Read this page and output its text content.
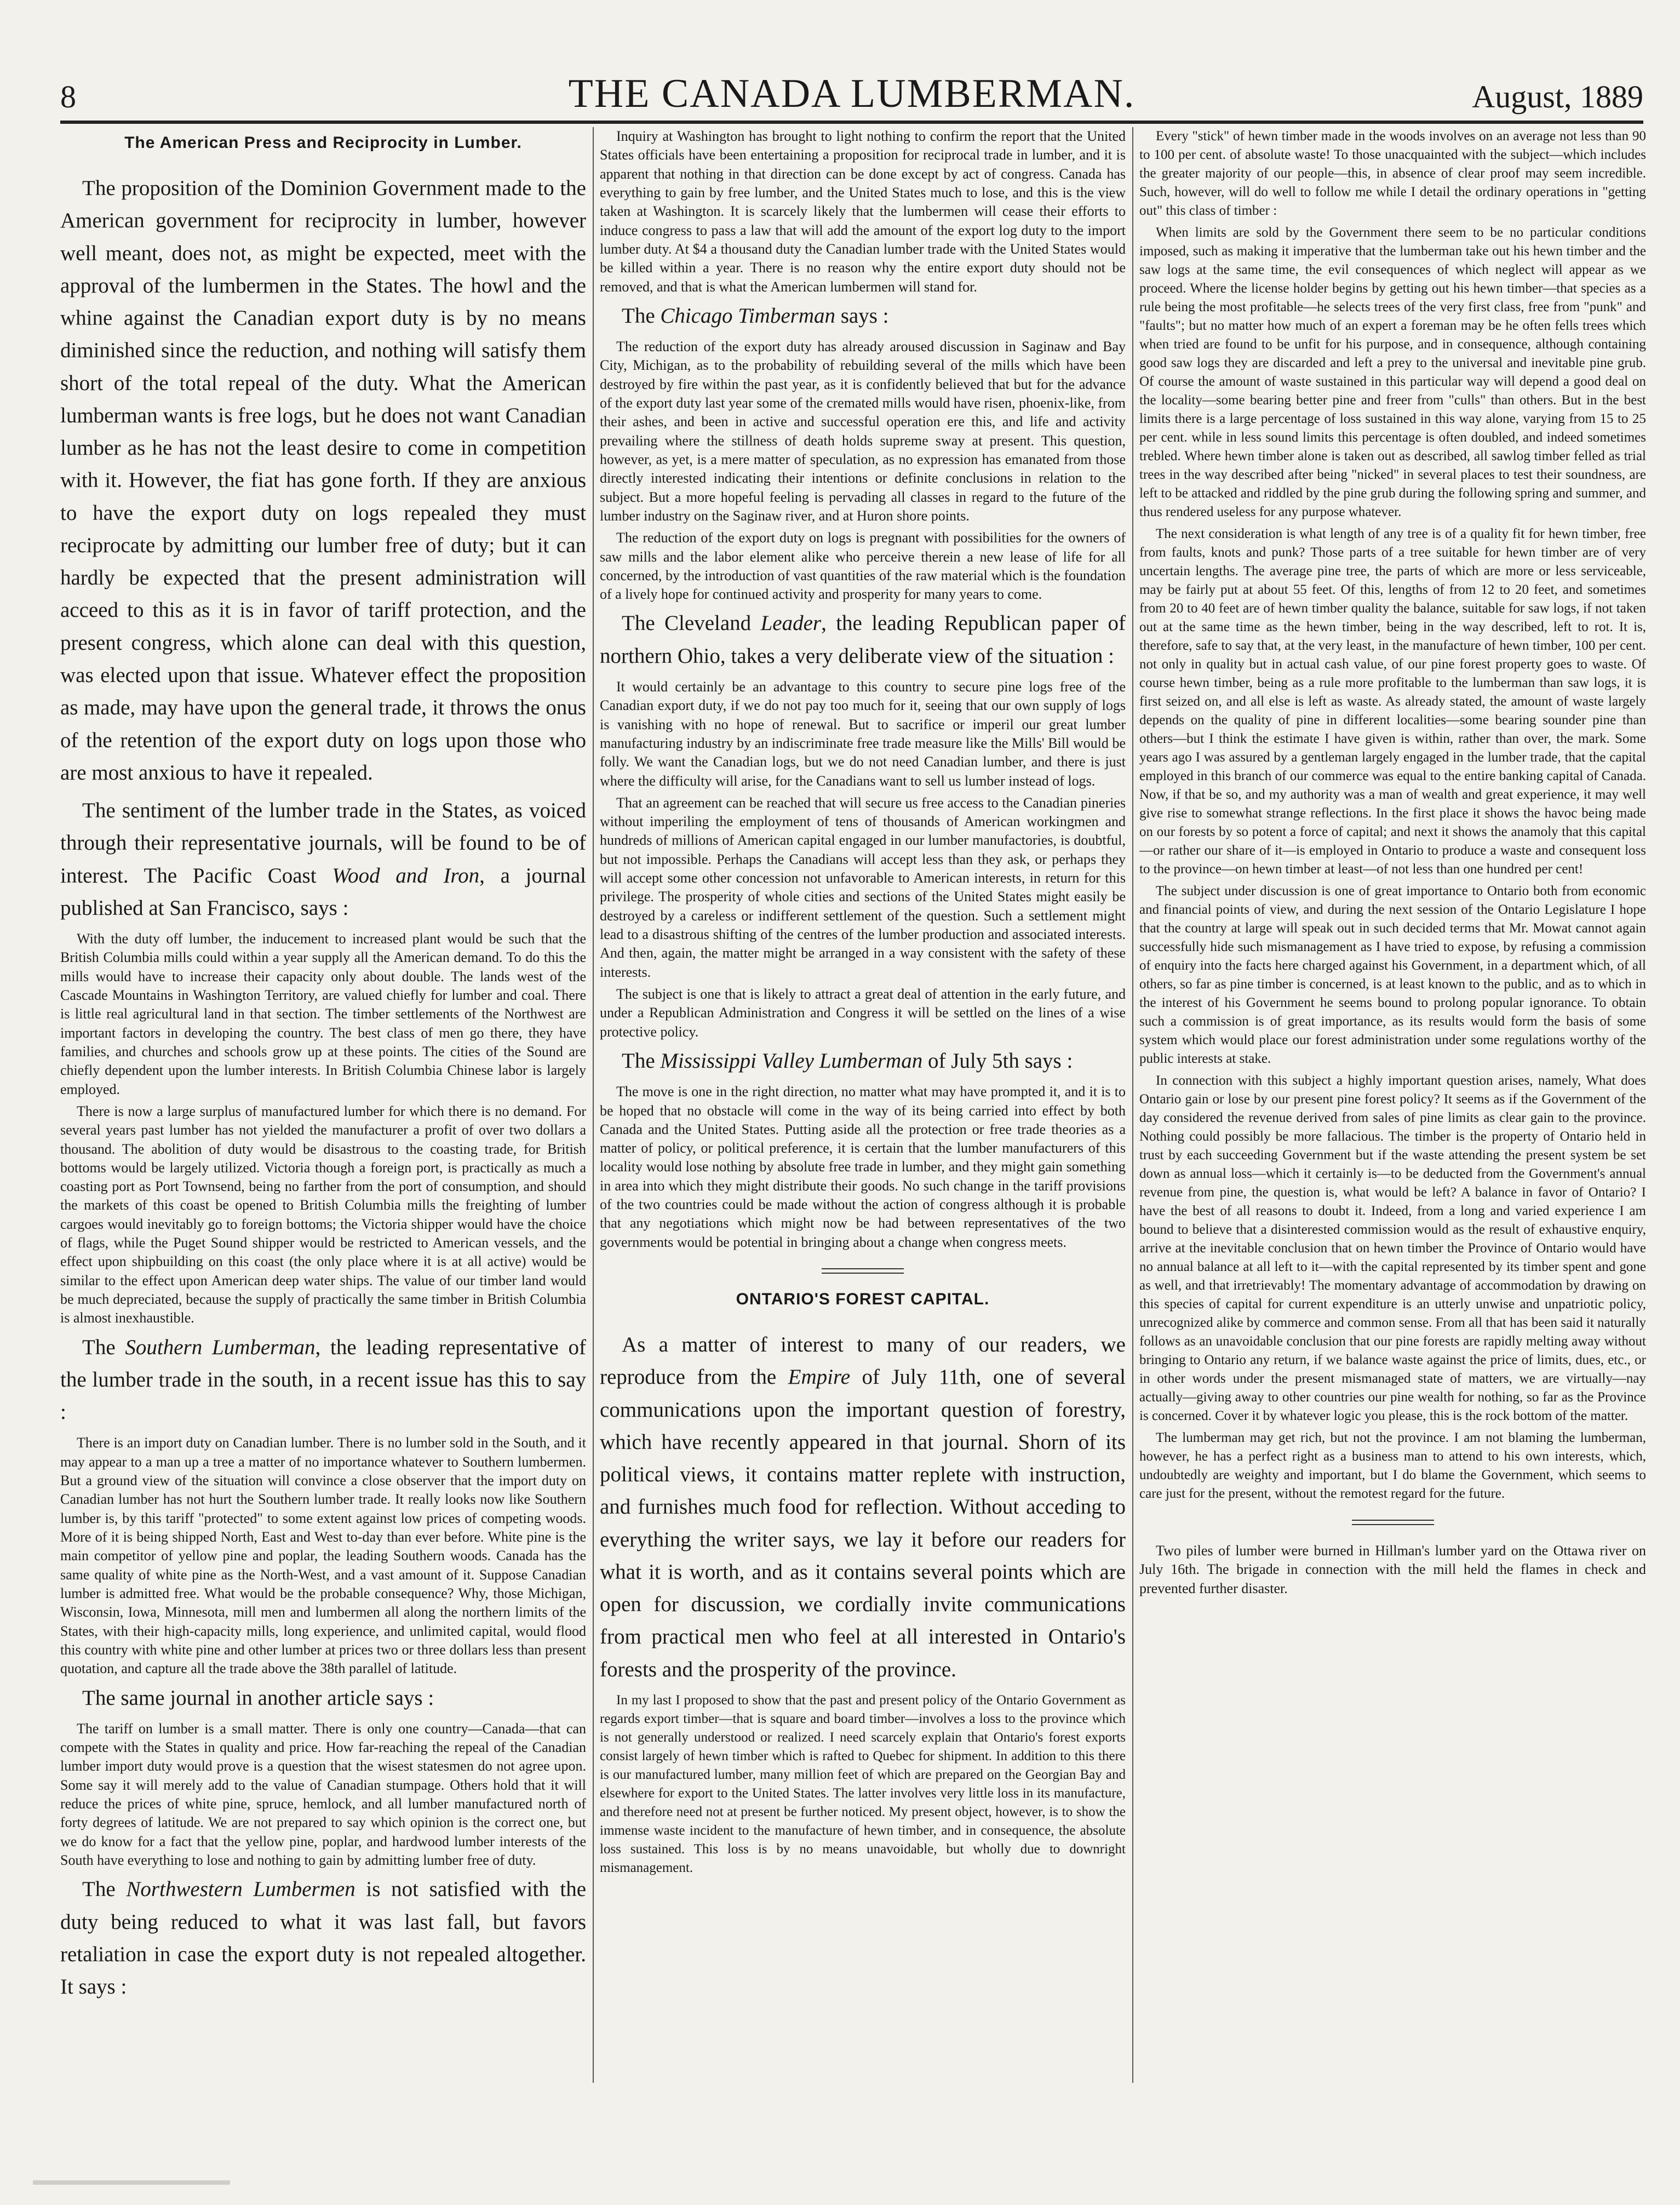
8	THE CANADA LUMBERMAN.	August, 1889
The American Press and Reciprocity in Lumber.

The proposition of the Dominion Government made to the American government for reciprocity in lumber, however well meant, does not, as might be expected, meet with the approval of the lumbermen in the States. The howl and the whine against the Canadian export duty is by no means diminished since the reduction, and nothing will satisfy them short of the total repeal of the duty. What the American lumberman wants is free logs, but he does not want Canadian lumber as he has not the least desire to come in competition with it. However, the fiat has gone forth. If they are anxious to have the export duty on logs repealed they must reciprocate by admitting our lumber free of duty; but it can hardly be expected that the present administration will acceed to this as it is in favor of tariff protection, and the present congress, which alone can deal with this question, was elected upon that issue. Whatever effect the proposition as made, may have upon the general trade, it throws the onus of the retention of the export duty on logs upon those who are most anxious to have it repealed.

The sentiment of the lumber trade in the States, as voiced through their representative journals, will be found to be of interest. The Pacific Coast Wood and Iron, a journal published at San Francisco, says :

With the duty off lumber, the inducement to increased plant would be such that the British Columbia mills could within a year supply all the American demand. To do this the mills would have to increase their capacity only about double. The lands west of the Cascade Mountains in Washington Territory, are valued chiefly for lumber and coal. There is little real agricultural land in that section. The timber settlements of the Northwest are important factors in developing the country. The best class of men go there, they have families, and churches and schools grow up at these points. The cities of the Sound are chiefly dependent upon the lumber interests. In British Columbia Chinese labor is largely employed.

There is now a large surplus of manufactured lumber for which there is no demand. For several years past lumber has not yielded the manufacturer a profit of over two dollars a thousand. The abolition of duty would be disastrous to the coasting trade, for British bottoms would be largely utilized. Victoria though a foreign port, is practically as much a coasting port as Port Townsend, being no farther from the port of consumption, and should the markets of this coast be opened to British Columbia mills the freighting of lumber cargoes would inevitably go to foreign bottoms; the Victoria shipper would have the choice of flags, while the Puget Sound shipper would be restricted to American vessels, and the effect upon shipbuilding on this coast (the only place where it is at all active) would be similar to the effect upon American deep water ships. The value of our timber land would be much depreciated, because the supply of practically the same timber in British Columbia is almost inexhaustible.

The Southern Lumberman, the leading representative of the lumber trade in the south, in a recent issue has this to say :

There is an import duty on Canadian lumber. There is no lumber sold in the South, and it may appear to a man up a tree a matter of no importance whatever to Southern lumbermen. But a ground view of the situation will convince a close observer that the import duty on Canadian lumber has not hurt the Southern lumber trade. It really looks now like Southern lumber is, by this tariff "protected" to some extent against low prices of competing woods. More of it is being shipped North, East and West to-day than ever before. White pine is the main competitor of yellow pine and poplar, the leading Southern woods. Canada has the same quality of white pine as the North-West, and a vast amount of it. Suppose Canadian lumber is admitted free. What would be the probable consequence? Why, those Michigan, Wisconsin, Iowa, Minnesota, mill men and lumbermen all along the northern limits of the States, with their high-capacity mills, long experience, and unlimited capital, would flood this country with white pine and other lumber at prices two or three dollars less than present quotation, and capture all the trade above the 38th parallel of latitude.

The same journal in another article says :

The tariff on lumber is a small matter. There is only one country—Canada—that can compete with the States in quality and price. How far-reaching the repeal of the Canadian lumber import duty would prove is a question that the wisest statesmen do not agree upon. Some say it will merely add to the value of Canadian stumpage. Others hold that it will reduce the prices of white pine, spruce, hemlock, and all lumber manufactured north of forty degrees of latitude. We are not prepared to say which opinion is the correct one, but we do know for a fact that the yellow pine, poplar, and hardwood lumber interests of the South have everything to lose and nothing to gain by admitting lumber free of duty.

The Northwestern Lumbermen is not satisfied with the duty being reduced to what it was last fall, but favors retaliation in case the export duty is not repealed altogether. It says :

Inquiry at Washington has brought to light nothing to confirm the report that the United States officials have been entertaining a proposition for reciprocal trade in lumber, and it is apparent that nothing in that direction can be done except by act of congress. Canada has everything to gain by free lumber, and the United States much to lose, and this is the view taken at Washington. It is scarcely likely that the lumbermen will cease their efforts to induce congress to pass a law that will add the amount of the export log duty to the import lumber duty. At $4 a thousand duty the Canadian lumber trade with the United States would be killed within a year. There is no reason why the entire export duty should not be removed, and that is what the American lumbermen will stand for.

The Chicago Timberman says :

The reduction of the export duty has already aroused discussion in Saginaw and Bay City, Michigan, as to the probability of rebuilding several of the mills which have been destroyed by fire within the past year, as it is confidently believed that but for the advance of the export duty last year some of the cremated mills would have risen, phoenix-like, from their ashes, and been in active and successful operation ere this, and life and activity prevailing where the stillness of death holds supreme sway at present. This question, however, as yet, is a mere matter of speculation, as no expression has emanated from those directly interested indicating their intentions or definite conclusions in relation to the subject. But a more hopeful feeling is pervading all classes in regard to the future of the lumber industry on the Saginaw river, and at Huron shore points.

The reduction of the export duty on logs is pregnant with possibilities for the owners of saw mills and the labor element alike who perceive therein a new lease of life for all concerned, by the introduction of vast quantities of the raw material which is the foundation of a lively hope for continued activity and prosperity for many years to come.

The Cleveland Leader, the leading Republican paper of northern Ohio, takes a very deliberate view of the situation :

It would certainly be an advantage to this country to secure pine logs free of the Canadian export duty, if we do not pay too much for it, seeing that our own supply of logs is vanishing with no hope of renewal. But to sacrifice or imperil our great lumber manufacturing industry by an indiscriminate free trade measure like the Mills' Bill would be folly. We want the Canadian logs, but we do not need Canadian lumber, and there is just where the difficulty will arise, for the Canadians want to sell us lumber instead of logs.

That an agreement can be reached that will secure us free access to the Canadian pineries without imperiling the employment of tens of thousands of American workingmen and hundreds of millions of American capital engaged in our lumber manufactories, is doubtful, but not impossible. Perhaps the Canadians will accept less than they ask, or perhaps they will accept some other concession not unfavorable to American interests, in return for this privilege. The prosperity of whole cities and sections of the United States might easily be destroyed by a careless or indifferent settlement of the question. Such a settlement might lead to a disastrous shifting of the centres of the lumber production and associated interests. And then, again, the matter might be arranged in a way consistent with the safety of these interests.

The subject is one that is likely to attract a great deal of attention in the early future, and under a Republican Administration and Congress it will be settled on the lines of a wise protective policy.

The Mississippi Valley Lumberman of July 5th says :

The move is one in the right direction, no matter what may have prompted it, and it is to be hoped that no obstacle will come in the way of its being carried into effect by both Canada and the United States. Putting aside all the protection or free trade theories as a matter of policy, or political preference, it is certain that the lumber manufacturers of this locality would lose nothing by absolute free trade in lumber, and they might gain something in area into which they might distribute their goods. No such change in the tariff provisions of the two countries could be made without the action of congress although it is probable that any negotiations which might now be had between representatives of the two governments would be potential in bringing about a change when congress meets.

ONTARIO'S FOREST CAPITAL.

As a matter of interest to many of our readers, we reproduce from the Empire of July 11th, one of several communications upon the important question of forestry, which have recently appeared in that journal. Shorn of its political views, it contains matter replete with instruction, and furnishes much food for reflection. Without acceding to everything the writer says, we lay it before our readers for what it is worth, and as it contains several points which are open for discussion, we cordially invite communications from practical men who feel at all interested in Ontario's forests and the prosperity of the province.

In my last I proposed to show that the past and present policy of the Ontario Government as regards export timber—that is square and board timber—involves a loss to the province which is not generally understood or realized. I need scarcely explain that Ontario's forest exports consist largely of hewn timber which is rafted to Quebec for shipment. In addition to this there is our manufactured lumber, many million feet of which are prepared on the Georgian Bay and elsewhere for export to the United States. The latter involves very little loss in its manufacture, and therefore need not at present be further noticed. My present object, however, is to show the immense waste incident to the manufacture of hewn timber, and in consequence, the absolute loss sustained. This loss is by no means unavoidable, but wholly due to downright mismanagement.

Every "stick" of hewn timber made in the woods involves on an average not less than 90 to 100 per cent. of absolute waste! To those unacquainted with the subject—which includes the greater majority of our people—this, in absence of clear proof may seem incredible. Such, however, will do well to follow me while I detail the ordinary operations in "getting out" this class of timber :

When limits are sold by the Government there seem to be no particular conditions imposed, such as making it imperative that the lumberman take out his hewn timber and the saw logs at the same time, the evil consequences of which neglect will appear as we proceed. Where the license holder begins by getting out his hewn timber—that species as a rule being the most profitable—he selects trees of the very first class, free from "punk" and "faults"; but no matter how much of an expert a foreman may be he often fells trees which when tried are found to be unfit for his purpose, and in consequence, although containing good saw logs they are discarded and left a prey to the universal and inevitable pine grub. Of course the amount of waste sustained in this particular way will depend a good deal on the locality—some bearing better pine and freer from "culls" than others. But in the best limits there is a large percentage of loss sustained in this way alone, varying from 15 to 25 per cent. while in less sound limits this percentage is often doubled, and indeed sometimes trebled. Where hewn timber alone is taken out as described, all sawlog timber felled as trial trees in the way described after being "nicked" in several places to test their soundness, are left to be attacked and riddled by the pine grub during the following spring and summer, and thus rendered useless for any purpose whatever.

The next consideration is what length of any tree is of a quality fit for hewn timber, free from faults, knots and punk? Those parts of a tree suitable for hewn timber are of very uncertain lengths. The average pine tree, the parts of which are more or less serviceable, may be fairly put at about 55 feet. Of this, lengths of from 12 to 20 feet, and sometimes from 20 to 40 feet are of hewn timber quality the balance, suitable for saw logs, if not taken out at the same time as the hewn timber, being in the way described, left to rot. It is, therefore, safe to say that, at the very least, in the manufacture of hewn timber, 100 per cent. not only in quality but in actual cash value, of our pine forest property goes to waste. Of course hewn timber, being as a rule more profitable to the lumberman than saw logs, it is first seized on, and all else is left as waste. As already stated, the amount of waste largely depends on the quality of pine in different localities—some bearing sounder pine than others—but I think the estimate I have given is within, rather than over, the mark. Some years ago I was assured by a gentleman largely engaged in the lumber trade, that the capital employed in this branch of our commerce was equal to the entire banking capital of Canada. Now, if that be so, and my authority was a man of wealth and great experience, it may well give rise to somewhat strange reflections. In the first place it shows the havoc being made on our forests by so potent a force of capital; and next it shows the anamoly that this capital—or rather our share of it—is employed in Ontario to produce a waste and consequent loss to the province—on hewn timber at least—of not less than one hundred per cent!

The subject under discussion is one of great importance to Ontario both from economic and financial points of view, and during the next session of the Ontario Legislature I hope that the country at large will speak out in such decided terms that Mr. Mowat cannot again successfully hide such mismanagement as I have tried to expose, by refusing a commission of enquiry into the facts here charged against his Government, in a department which, of all others, so far as pine timber is concerned, is at least known to the public, and as to which in the interest of his Government he seems bound to prolong popular ignorance. To obtain such a commission is of great importance, as its results would form the basis of some system which would place our forest administration under some regulations worthy of the public interests at stake.

In connection with this subject a highly important question arises, namely, What does Ontario gain or lose by our present pine forest policy? It seems as if the Government of the day considered the revenue derived from sales of pine limits as clear gain to the province. Nothing could possibly be more fallacious. The timber is the property of Ontario held in trust by each succeeding Government but if the waste attending the present system be set down as annual loss—which it certainly is—to be deducted from the Government's annual revenue from pine, the question is, what would be left? A balance in favor of Ontario? I have the best of all reasons to doubt it. Indeed, from a long and varied experience I am bound to believe that a disinterested commission would as the result of exhaustive enquiry, arrive at the inevitable conclusion that on hewn timber the Province of Ontario would have no annual balance at all left to it—with the capital represented by its timber spent and gone as well, and that irretrievably! The momentary advantage of accommodation by drawing on this species of capital for current expenditure is an utterly unwise and unpatriotic policy, unrecognized alike by commerce and common sense. From all that has been said it naturally follows as an unavoidable conclusion that our pine forests are rapidly melting away without bringing to Ontario any return, if we balance waste against the price of limits, dues, etc., or in other words under the present mismanaged state of matters, we are virtually—nay actually—giving away to other countries our pine wealth for nothing, so far as the Province is concerned. Cover it by whatever logic you please, this is the rock bottom of the matter.

The lumberman may get rich, but not the province. I am not blaming the lumberman, however, he has a perfect right as a business man to attend to his own interests, which, undoubtedly are weighty and important, but I do blame the Government, which seems to care just for the present, without the remotest regard for the future.

Two piles of lumber were burned in Hillman's lumber yard on the Ottawa river on July 16th. The brigade in connection with the mill held the flames in check and prevented further disaster.
